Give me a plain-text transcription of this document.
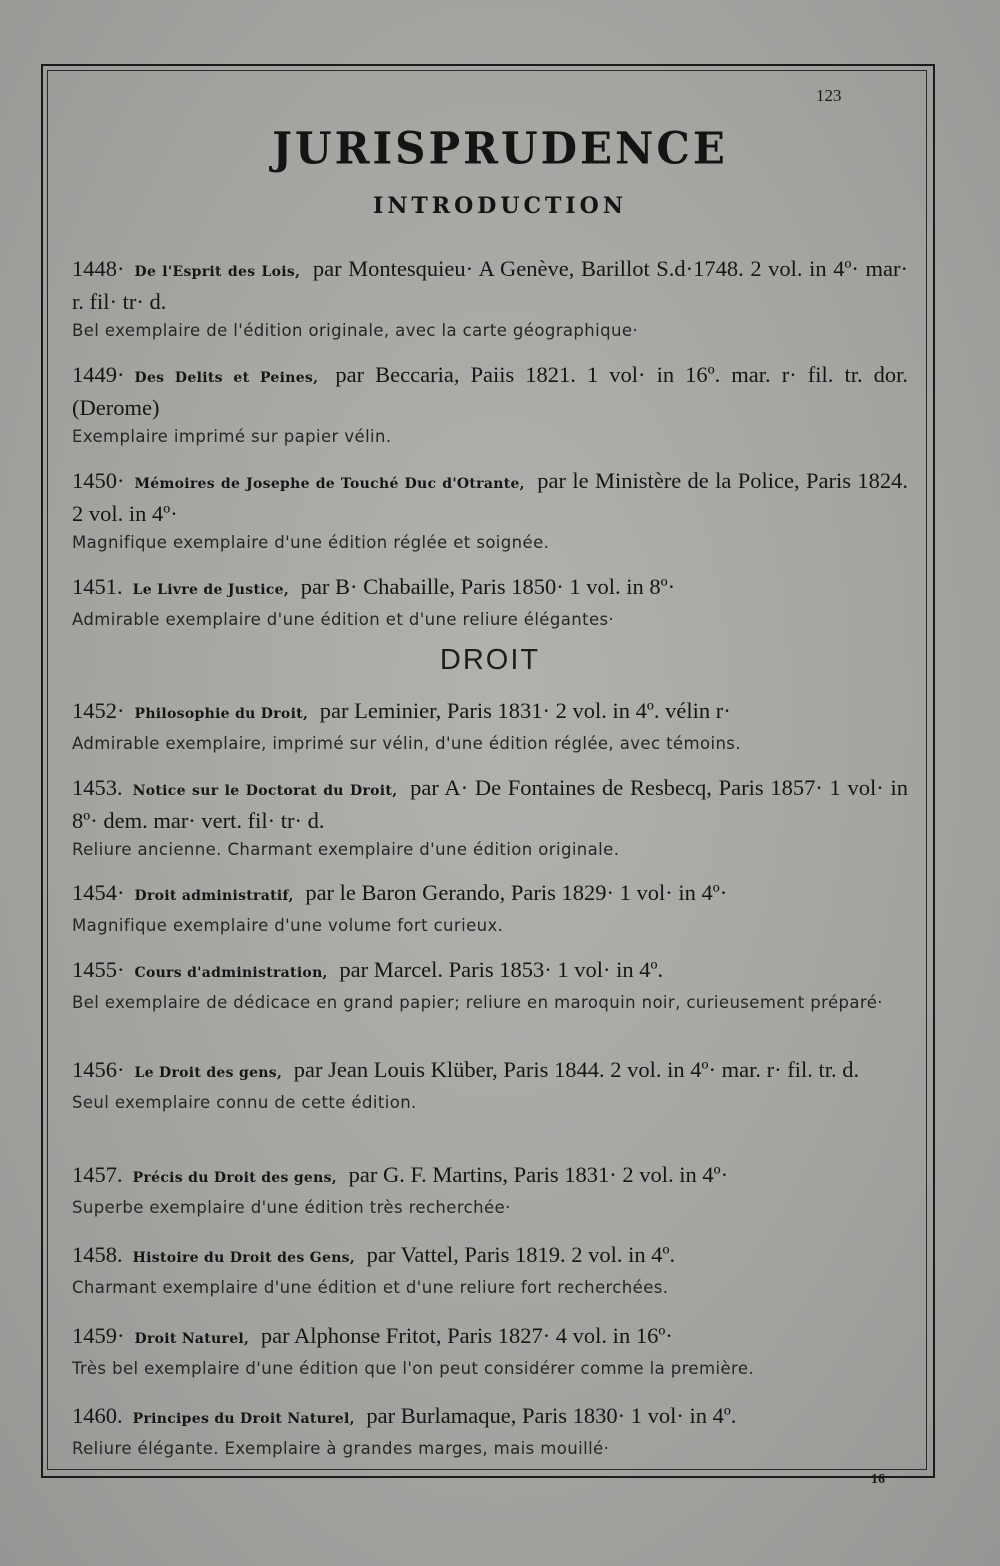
123
JURISPRUDENCE
INTRODUCTION
1448· De l'Esprit des Lois, par Montesquieu· A Genève, Barillot S.d·1748. 2 vol. in 4º· mar· r. fil· tr· d.
Bel exemplaire de l'édition originale, avec la carte géographique·
1449· Des Delits et Peines, par Beccaria, Paiis 1821. 1 vol· in 16º. mar. r· fil. tr. dor. (Derome)
Exemplaire imprimé sur papier vélin.
1450· Mémoires de Josephe de Touché Duc d'Otrante, par le Ministère de la Police, Paris 1824. 2 vol. in 4º·
Magnifique exemplaire d'une édition réglée et soignée.
1451. Le Livre de Justice, par B· Chabaille, Paris 1850· 1 vol. in 8º·
Admirable exemplaire d'une édition et d'une reliure élégantes·
DROIT
1452· Philosophie du Droit, par Leminier, Paris 1831· 2 vol. in 4º. vélin r·
Admirable exemplaire, imprimé sur vélin, d'une édition réglée, avec témoins.
1453. Notice sur le Doctorat du Droit, par A· De Fontaines de Resbecq, Paris 1857· 1 vol· in 8º· dem. mar· vert. fil· tr· d.
Reliure ancienne. Charmant exemplaire d'une édition originale.
1454· Droit administratif, par le Baron Gerando, Paris 1829· 1 vol· in 4º·
Magnifique exemplaire d'une volume fort curieux.
1455· Cours d'administration, par Marcel. Paris 1853· 1 vol· in 4º.
Bel exemplaire de dédicace en grand papier; reliure en maroquin noir, curieusement préparé·
1456· Le Droit des gens, par Jean Louis Klüber, Paris 1844. 2 vol. in 4º· mar. r· fil. tr. d.
Seul exemplaire connu de cette édition.
1457. Précis du Droit des gens, par G. F. Martins, Paris 1831· 2 vol. in 4º·
Superbe exemplaire d'une édition très recherchée·
1458. Histoire du Droit des Gens, par Vattel, Paris 1819. 2 vol. in 4º.
Charmant exemplaire d'une édition et d'une reliure fort recherchées.
1459· Droit Naturel, par Alphonse Fritot, Paris 1827· 4 vol. in 16º·
Très bel exemplaire d'une édition que l'on peut considérer comme la première.
1460. Principes du Droit Naturel, par Burlamaque, Paris 1830· 1 vol· in 4º.
Reliure élégante. Exemplaire à grandes marges, mais mouillé·
16
